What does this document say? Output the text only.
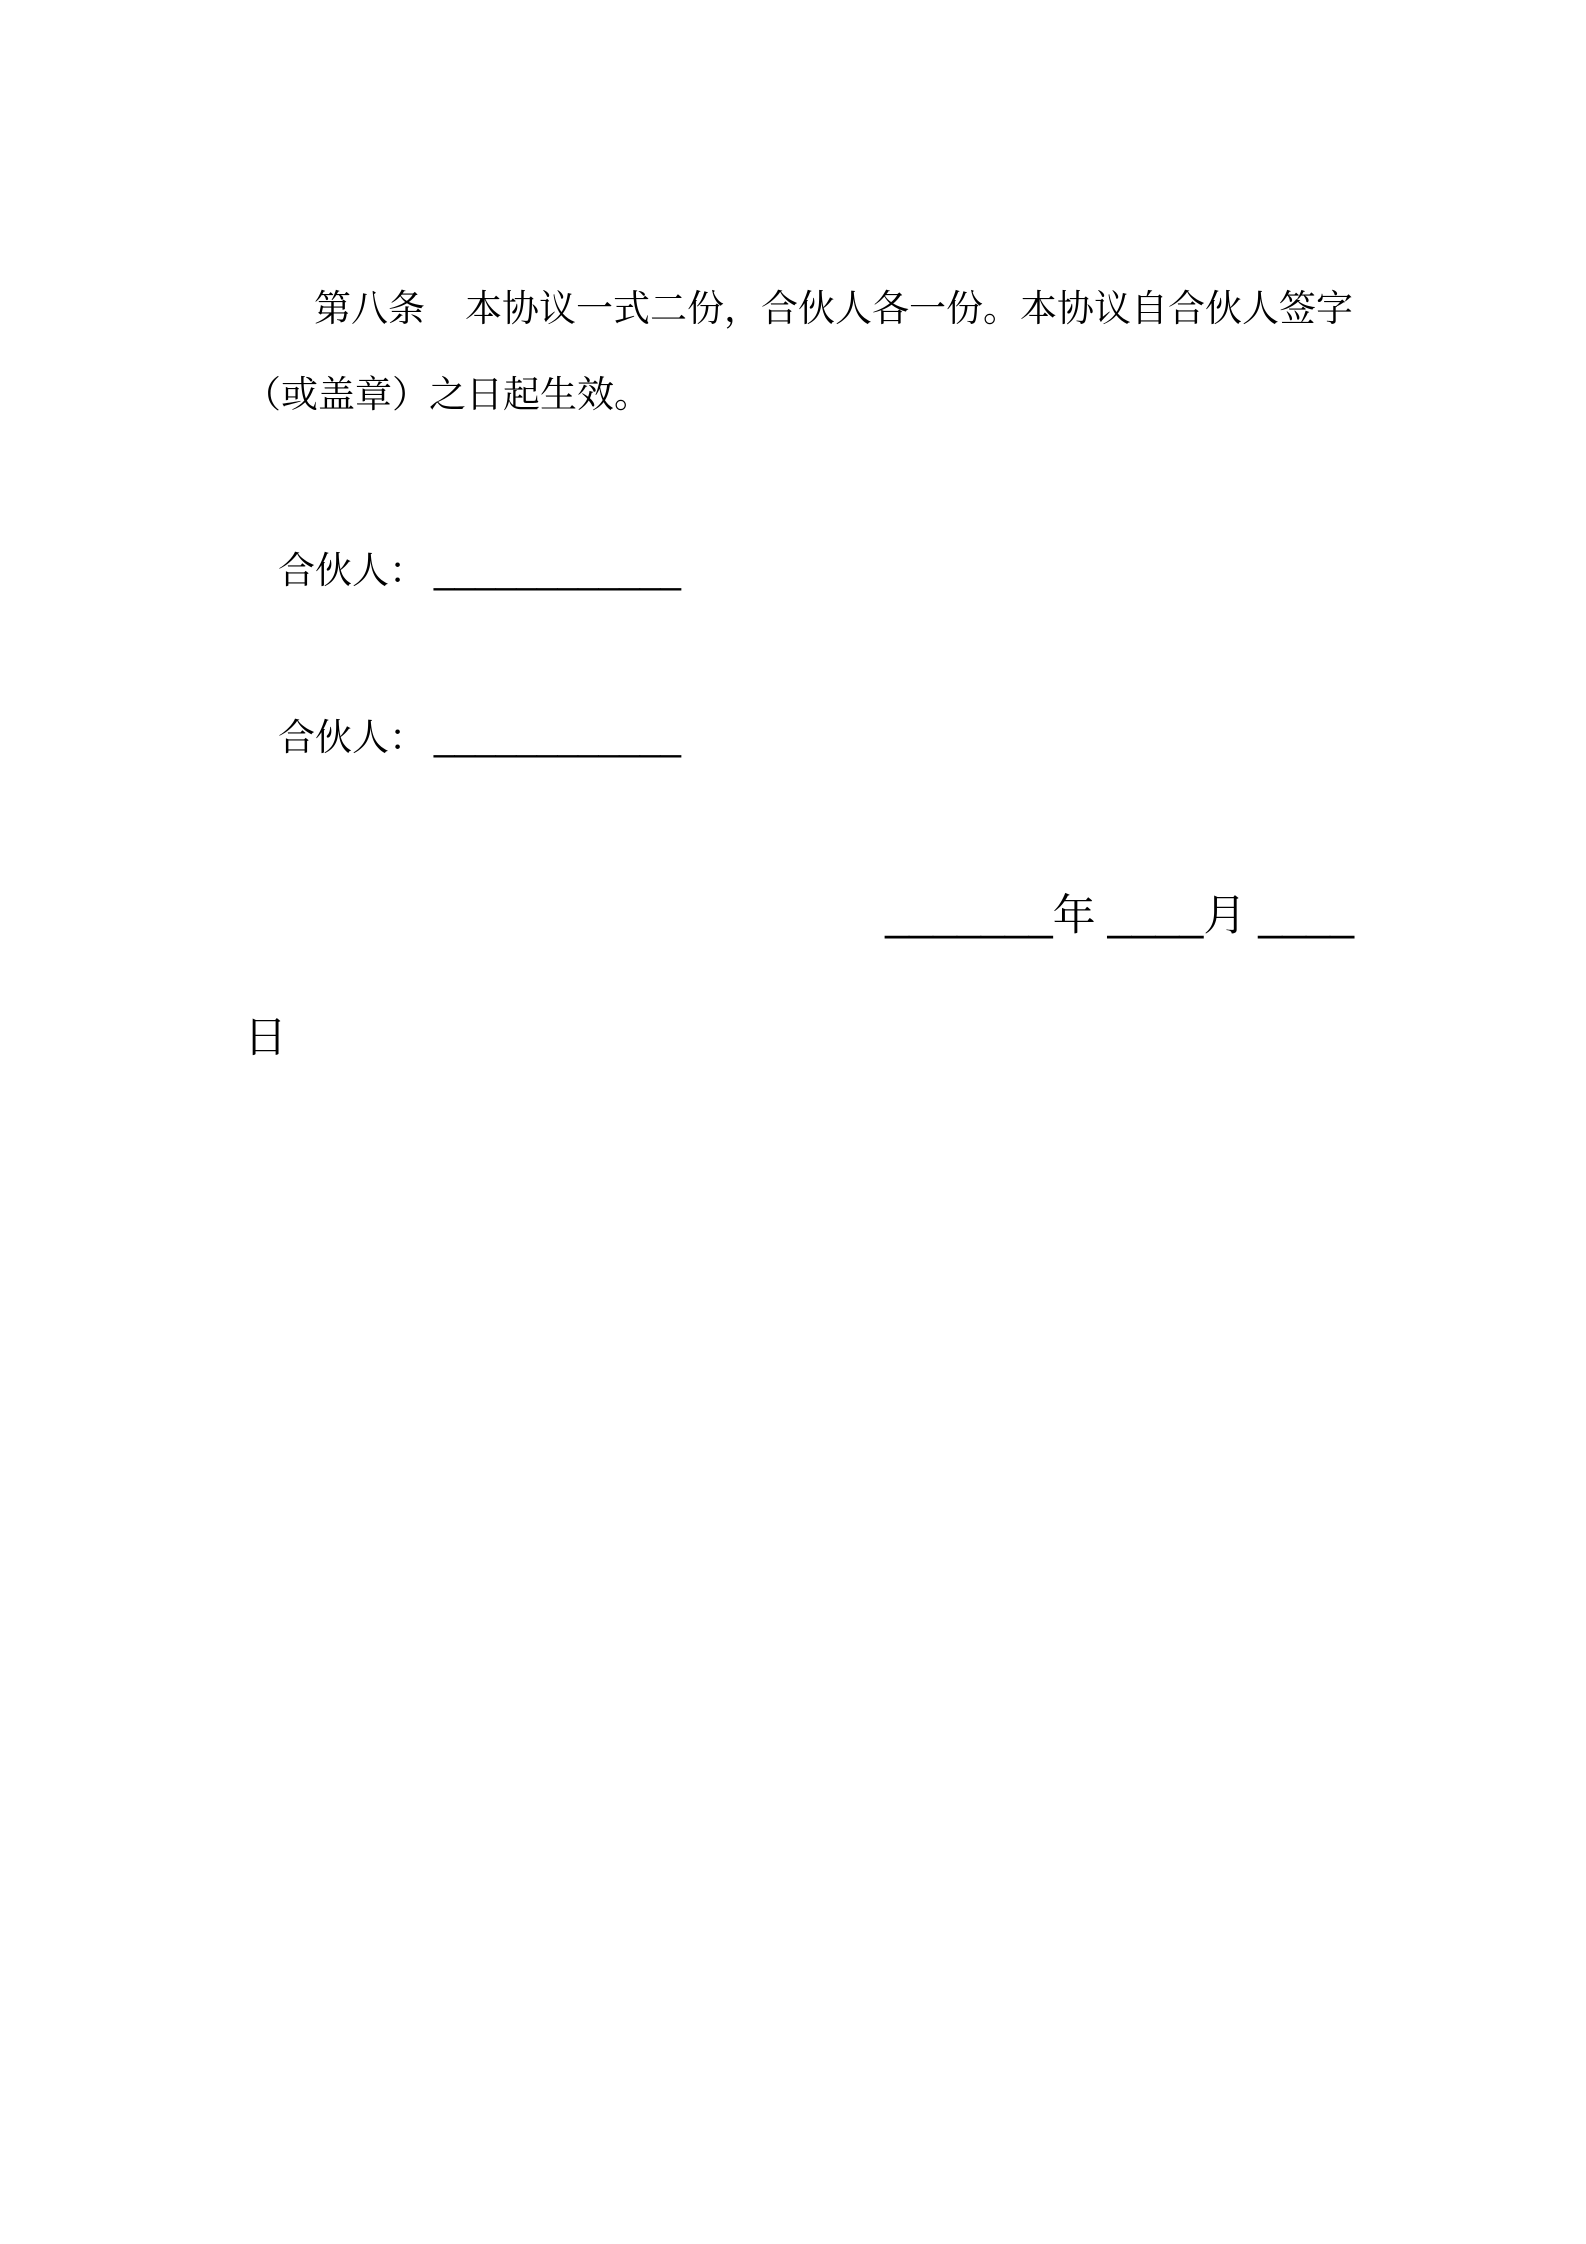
第八条 本协议一式二份，合伙人各一份。本协议自合伙人签字
（或盖章）之日起生效。
合伙人： ____________
合伙人： ____________
_______年 ____月 ____
日
